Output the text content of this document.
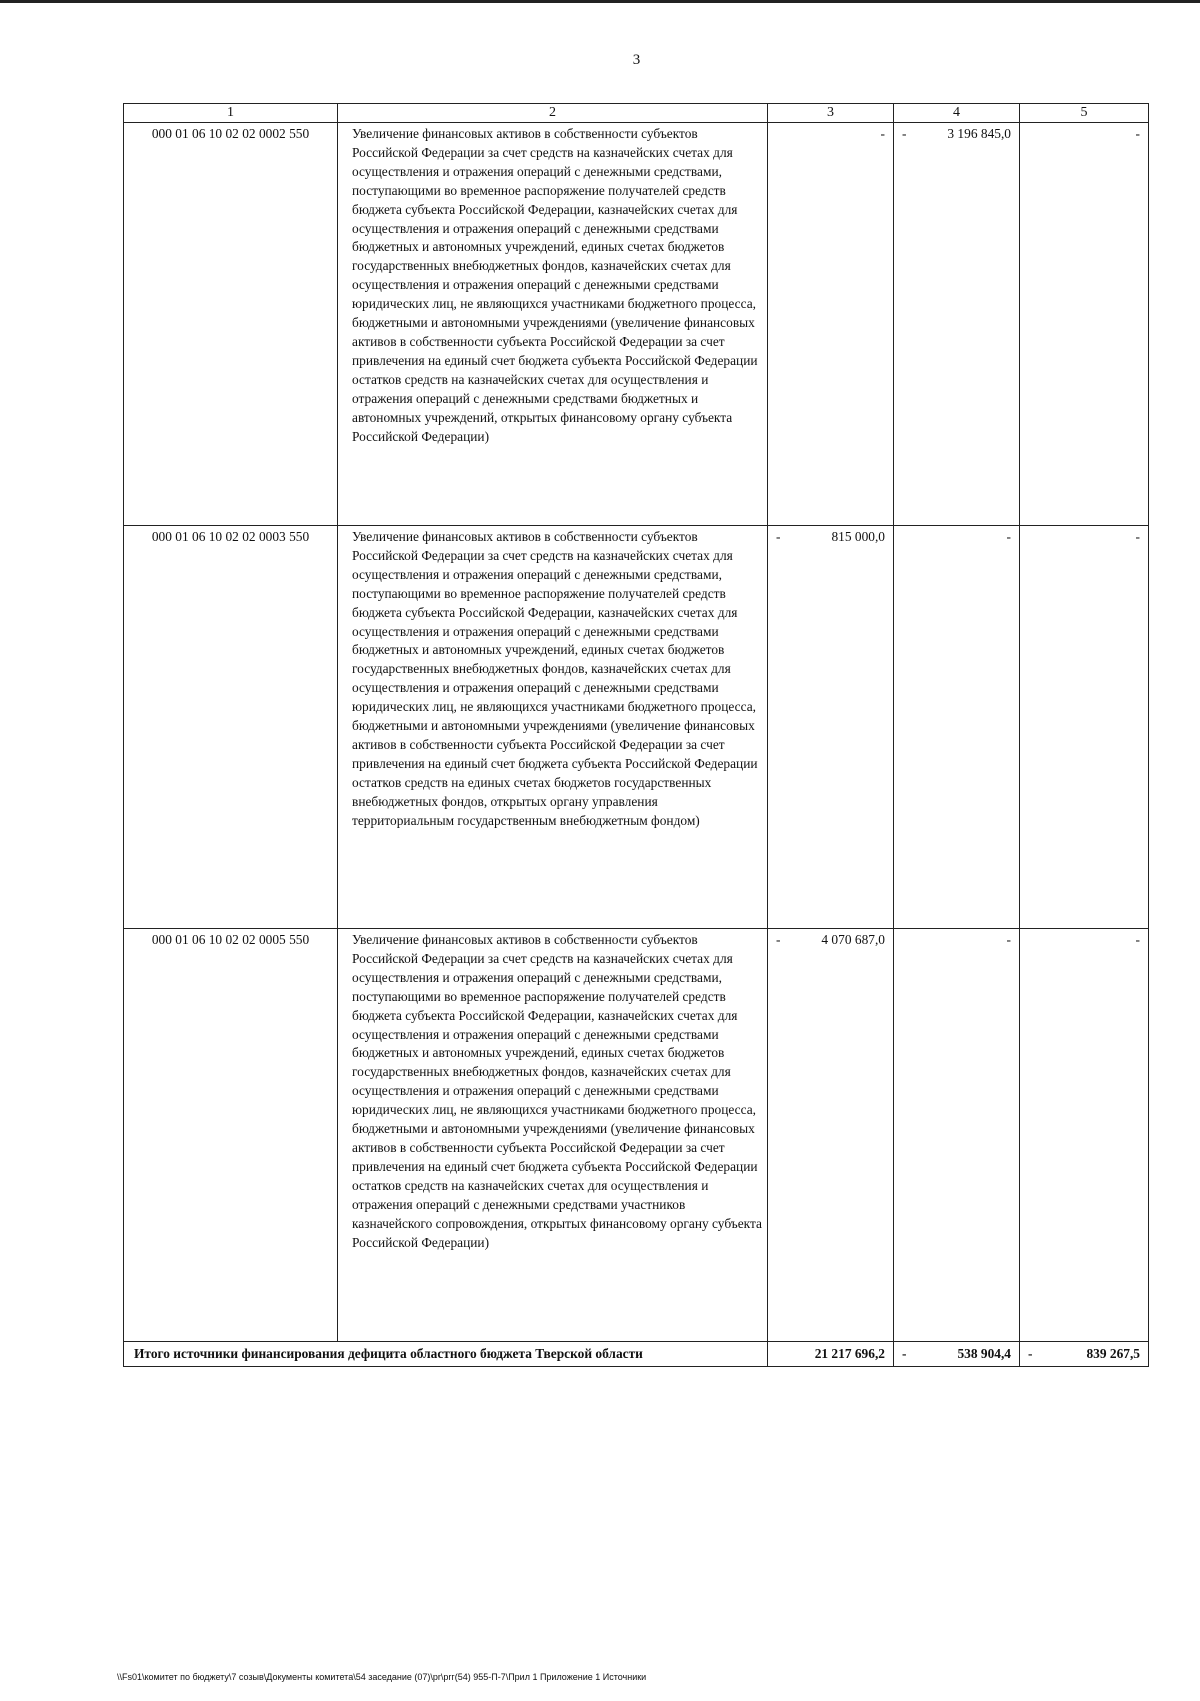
3
1	2	3	4	5
000 01 06 10 02 02 0002 550	Увеличение финансовых активов в собственности субъектов Российской Федерации за счет средств на казначейских счетах для осуществления и отражения операций с денежными средствами, поступающими во временное распоряжение получателей средств бюджета субъекта Российской Федерации, казначейских счетах для осуществления и отражения операций с денежными средствами бюджетных и автономных учреждений, единых счетах бюджетов государственных внебюджетных фондов, казначейских счетах для осуществления и отражения операций с денежными средствами юридических лиц, не являющихся участниками бюджетного процесса, бюджетными и автономными учреждениями (увеличение финансовых активов в собственности субъекта Российской Федерации за счет привлечения на единый счет бюджета субъекта Российской Федерации остатков средств на казначейских счетах для осуществления и отражения операций с денежными средствами бюджетных и автономных учреждений, открытых финансовому органу субъекта Российской Федерации)	-	- 3 196 845,0	-

000 01 06 10 02 02 0003 550	Увеличение финансовых активов в собственности субъектов Российской Федерации за счет средств на казначейских счетах для осуществления и отражения операций с денежными средствами, поступающими во временное распоряжение получателей средств бюджета субъекта Российской Федерации, казначейских счетах для осуществления и отражения операций с денежными средствами бюджетных и автономных учреждений, единых счетах бюджетов государственных внебюджетных фондов, казначейских счетах для осуществления и отражения операций с денежными средствами юридических лиц, не являющихся участниками бюджетного процесса, бюджетными и автономными учреждениями (увеличение финансовых активов в собственности субъекта Российской Федерации за счет привлечения на единый счет бюджета субъекта Российской Федерации остатков средств на единых счетах бюджетов государственных внебюджетных фондов, открытых органу управления территориальным государственным внебюджетным фондом)	- 815 000,0	-	-

000 01 06 10 02 02 0005 550	Увеличение финансовых активов в собственности субъектов Российской Федерации за счет средств на казначейских счетах для осуществления и отражения операций с денежными средствами, поступающими во временное распоряжение получателей средств бюджета субъекта Российской Федерации, казначейских счетах для осуществления и отражения операций с денежными средствами бюджетных и автономных учреждений, единых счетах бюджетов государственных внебюджетных фондов, казначейских счетах для осуществления и отражения операций с денежными средствами юридических лиц, не являющихся участниками бюджетного процесса, бюджетными и автономными учреждениями (увеличение финансовых активов в собственности субъекта Российской Федерации за счет привлечения на единый счет бюджета субъекта Российской Федерации остатков средств на казначейских счетах для осуществления и отражения операций с денежными средствами участников казначейского сопровождения, открытых финансовому органу субъекта Российской Федерации)	- 4 070 687,0	-	-

Итого источники финансирования дефицита областного бюджета Тверской области		21 217 696,2	- 538 904,4	- 839 267,5
\\Fs01\комитет по бюджету\7 созыв\Документы комитета\54 заседание (07)\pr\prг(54) 955-П-7\Прил 1 Приложение 1 Источники
